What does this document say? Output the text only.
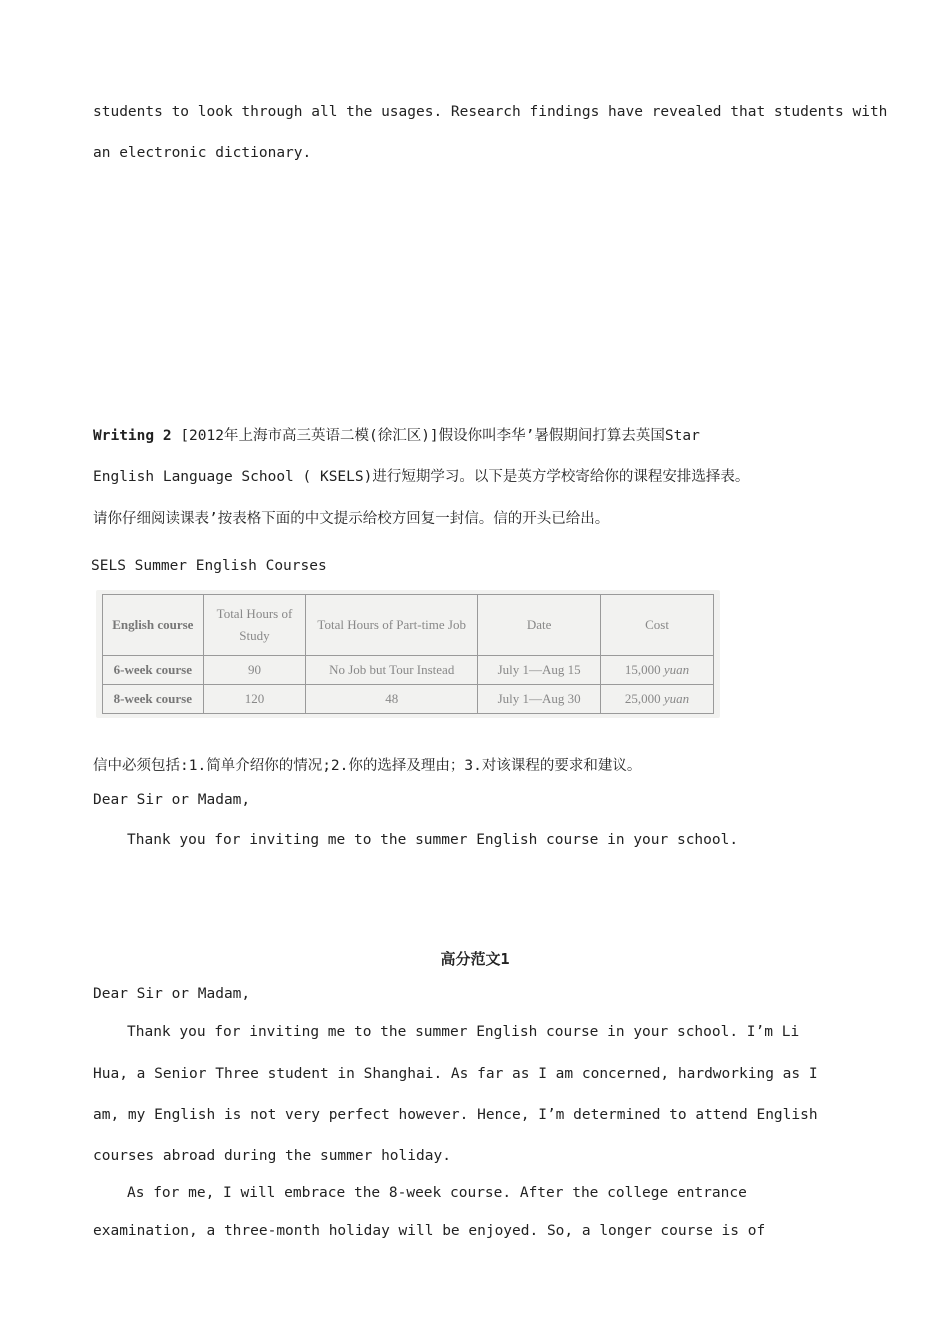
students to look through all the usages. Research findings have revealed that students with
an electronic dictionary.
Writing 2 [2012年上海市高三英语二模(徐汇区)]假设你叫李华’暑假期间打算去英国Star
English Language School ( KSELS)进行短期学习。以下是英方学校寄给你的课程安排选择表。
请你仔细阅读课表’按表格下面的中文提示给校方回复一封信。信的开头已给出。
SELS Summer English Courses
English course	Total Hours of Study	Total Hours of Part-time Job	Date	Cost
6-week course	90	No Job but Tour Instead	July 1—Aug 15	15,000 yuan
8-week course	120	48	July 1—Aug 30	25,000 yuan
信中必须包括:1.简单介绍你的情况;2.你的选择及理由；3.对该课程的要求和建议。
Dear Sir or Madam,
Thank you for inviting me to the summer English course in your school.
高分范文1
Dear Sir or Madam,
Thank you for inviting me to the summer English course in your school. I’m Li
Hua, a Senior Three student in Shanghai. As far as I am concerned, hardworking as I
am, my English is not very perfect however. Hence, I’m determined to attend English
courses abroad during the summer holiday.
As for me, I will embrace the 8-week course. After the college entrance
examination, a three-month holiday will be enjoyed. So, a longer course is of
